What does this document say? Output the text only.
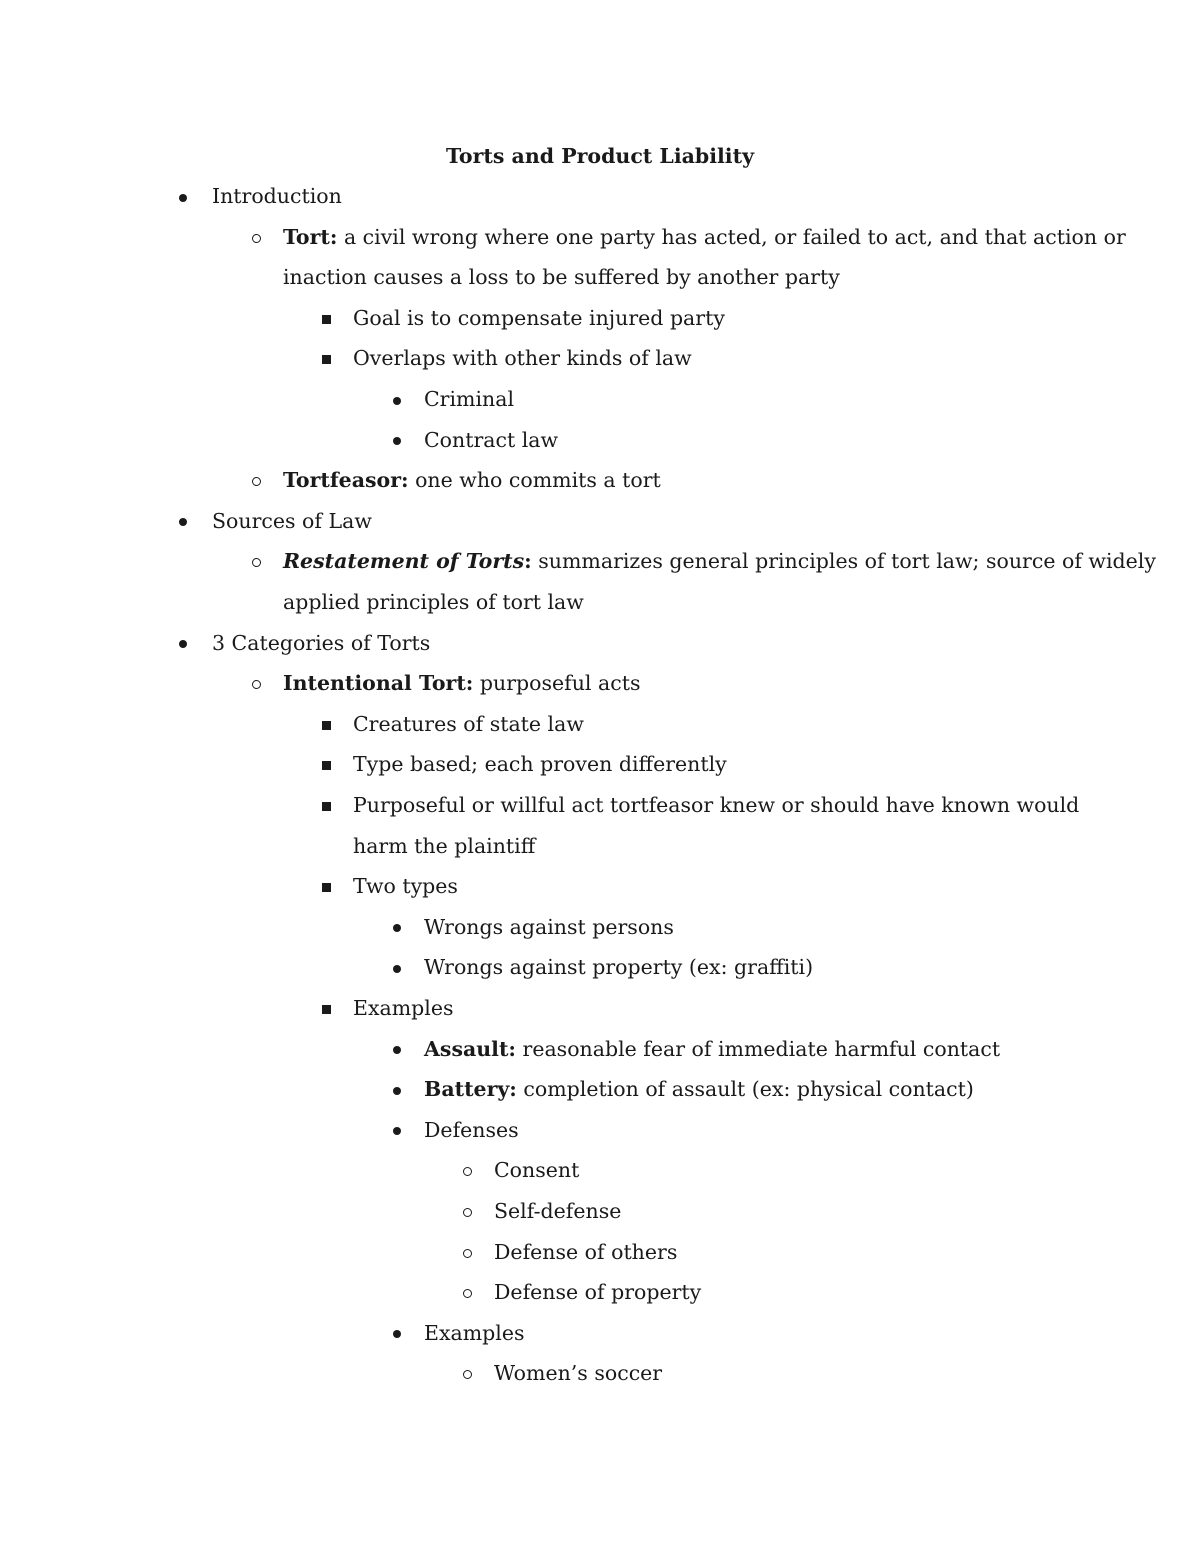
Torts and Product Liability
Introduction
Tort: a civil wrong where one party has acted, or failed to act, and that action or
inaction causes a loss to be suffered by another party
Goal is to compensate injured party
Overlaps with other kinds of law
Criminal
Contract law
Tortfeasor: one who commits a tort
Sources of Law
Restatement of Torts: summarizes general principles of tort law; source of widely
applied principles of tort law
3 Categories of Torts
Intentional Tort: purposeful acts
Creatures of state law
Type based; each proven differently
Purposeful or willful act tortfeasor knew or should have known would
harm the plaintiff
Two types
Wrongs against persons
Wrongs against property (ex: graffiti)
Examples
Assault: reasonable fear of immediate harmful contact
Battery: completion of assault (ex: physical contact)
Defenses
Consent
Self-defense
Defense of others
Defense of property
Examples
Women’s soccer
